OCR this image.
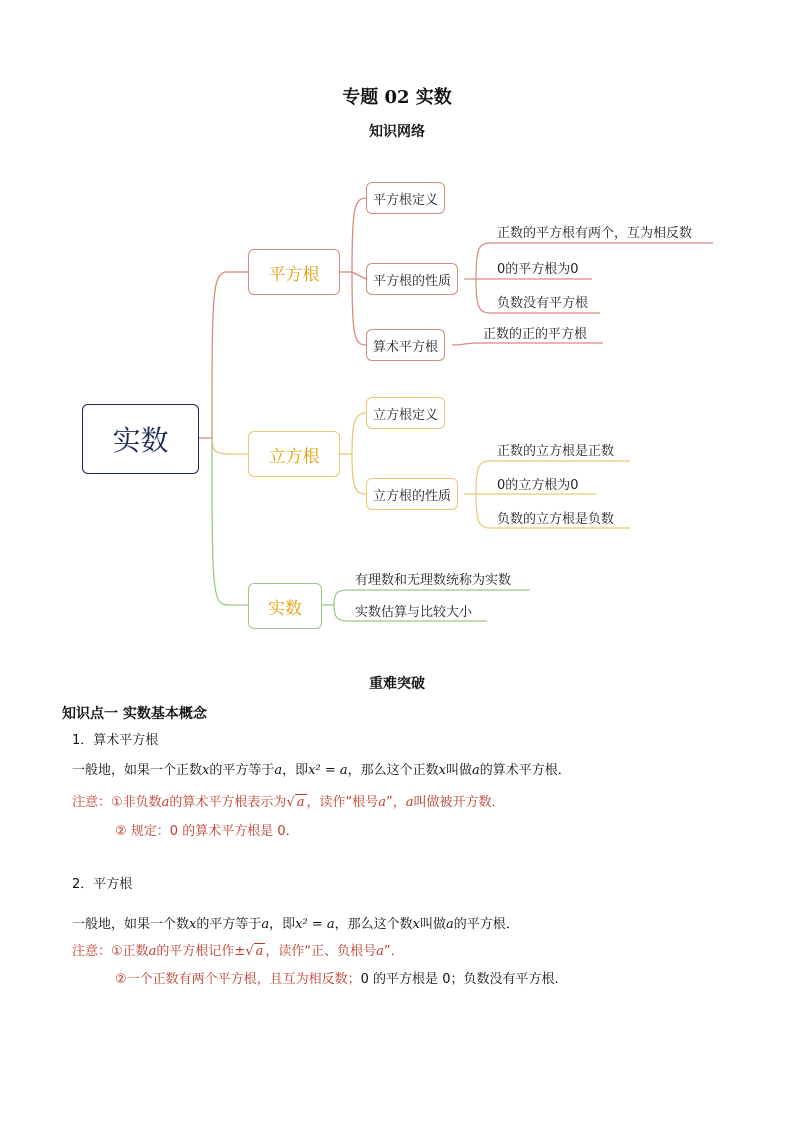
专题 02 实数
知识网络
实数
平方根
立方根
实数
平方根定义
平方根的性质
算术平方根
正数的平方根有两个，互为相反数
0的平方根为0
负数没有平方根
正数的正的平方根
立方根定义
立方根的性质
正数的立方根是正数
0的立方根为0
负数的立方根是负数
有理数和无理数统称为实数
实数估算与比较大小
重难突破
知识点一 实数基本概念
1．算术平方根
一般地，如果一个正数x的平方等于a，即x² = a，那么这个正数x叫做a的算术平方根．
注意：①非负数a的算术平方根表示为√ a ，读作“根号a”，a叫做被开方数．
② 规定：0 的算术平方根是 0.
2．平方根
一般地，如果一个数x的平方等于a，即x² = a，那么这个数x叫做a的平方根．
注意：①正数a的平方根记作±√ a ，读作“正、负根号a”．
②一个正数有两个平方根，且互为相反数；0 的平方根是 0；负数没有平方根.
